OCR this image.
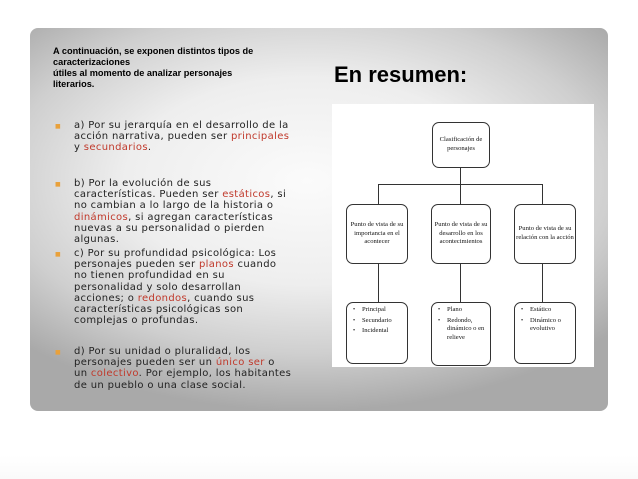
A continuación, se exponen distintos tipos de
caracterizaciones
útiles al momento de analizar personajes
literarios.	En resumen:
■ a) Por su jerarquía en el desarrollo de la
acción narrativa, pueden ser principales
y secundarios.
■ b) Por la evolución de sus
características. Pueden ser estáticos, si
no cambian a lo largo de la historia o
dinámicos, si agregan características
nuevas a su personalidad o pierden
algunas.
■ c) Por su profundidad psicológica: Los
personajes pueden ser planos cuando
no tienen profundidad en su
personalidad y solo desarrollan
acciones; o redondos, cuando sus
características psicológicas son
complejas o profundas.
■ d) Por su unidad o pluralidad, los
personajes pueden ser un único ser o
un colectivo. Por ejemplo, los habitantes
de un pueblo o una clase social.
Clasificación de
personajes
Punto de vista de su
importancia en el
acontecer
Punto de vista de su
desarrollo en los
acontecimientos
Punto de vista de su
relación con la acción
•	Principal
•	Secundario
•	Incidental
•	Plano
•	Redondo,
dinámico o en
relieve
•	Estático
•	Dinámico o
evolutivo
